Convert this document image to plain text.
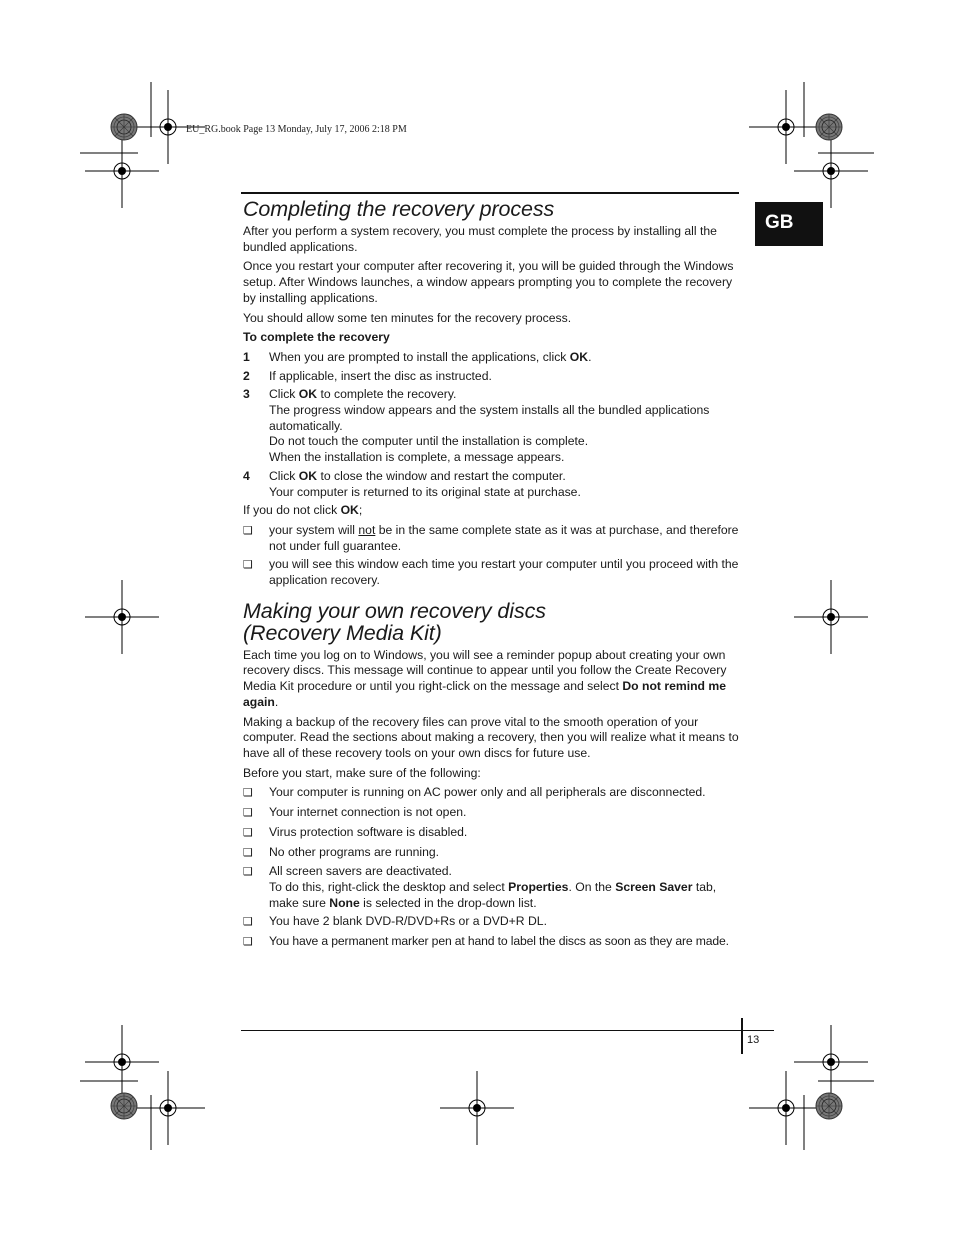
EU_RG.book Page 13 Monday, July 17, 2006 2:18 PM
GB
Completing the recovery process

After you perform a system recovery, you must complete the process by installing all the bundled applications.

Once you restart your computer after recovering it, you will be guided through the Windows setup. After Windows launches, a window appears prompting you to complete the recovery by installing applications.

You should allow some ten minutes for the recovery process.

To complete the recovery
1	When you are prompted to install the applications, click OK.
2	If applicable, insert the disc as instructed.
3	Click OK to complete the recovery.
The progress window appears and the system installs all the bundled applications automatically.
Do not touch the computer until the installation is complete.
When the installation is complete, a message appears.
4	Click OK to close the window and restart the computer.
Your computer is returned to its original state at purchase.

If you do not click OK;

❑	your system will not be in the same complete state as it was at purchase, and therefore not under full guarantee.
❑	you will see this window each time you restart your computer until you proceed with the application recovery.
Making your own recovery discs
(Recovery Media Kit)

Each time you log on to Windows, you will see a reminder popup about creating your own recovery discs. This message will continue to appear until you follow the Create Recovery Media Kit procedure or until you right-click on the message and select Do not remind me again.

Making a backup of the recovery files can prove vital to the smooth operation of your computer. Read the sections about making a recovery, then you will realize what it means to have all of these recovery tools on your own discs for future use.

Before you start, make sure of the following:

❑	Your computer is running on AC power only and all peripherals are disconnected.
❑	Your internet connection is not open.
❑	Virus protection software is disabled.
❑	No other programs are running.
❑	All screen savers are deactivated.
To do this, right-click the desktop and select Properties. On the Screen Saver tab, make sure None is selected in the drop-down list.
❑	You have 2 blank DVD-R/DVD+Rs or a DVD+R DL.
❑	You have a permanent marker pen at hand to label the discs as soon as they are made.
13
